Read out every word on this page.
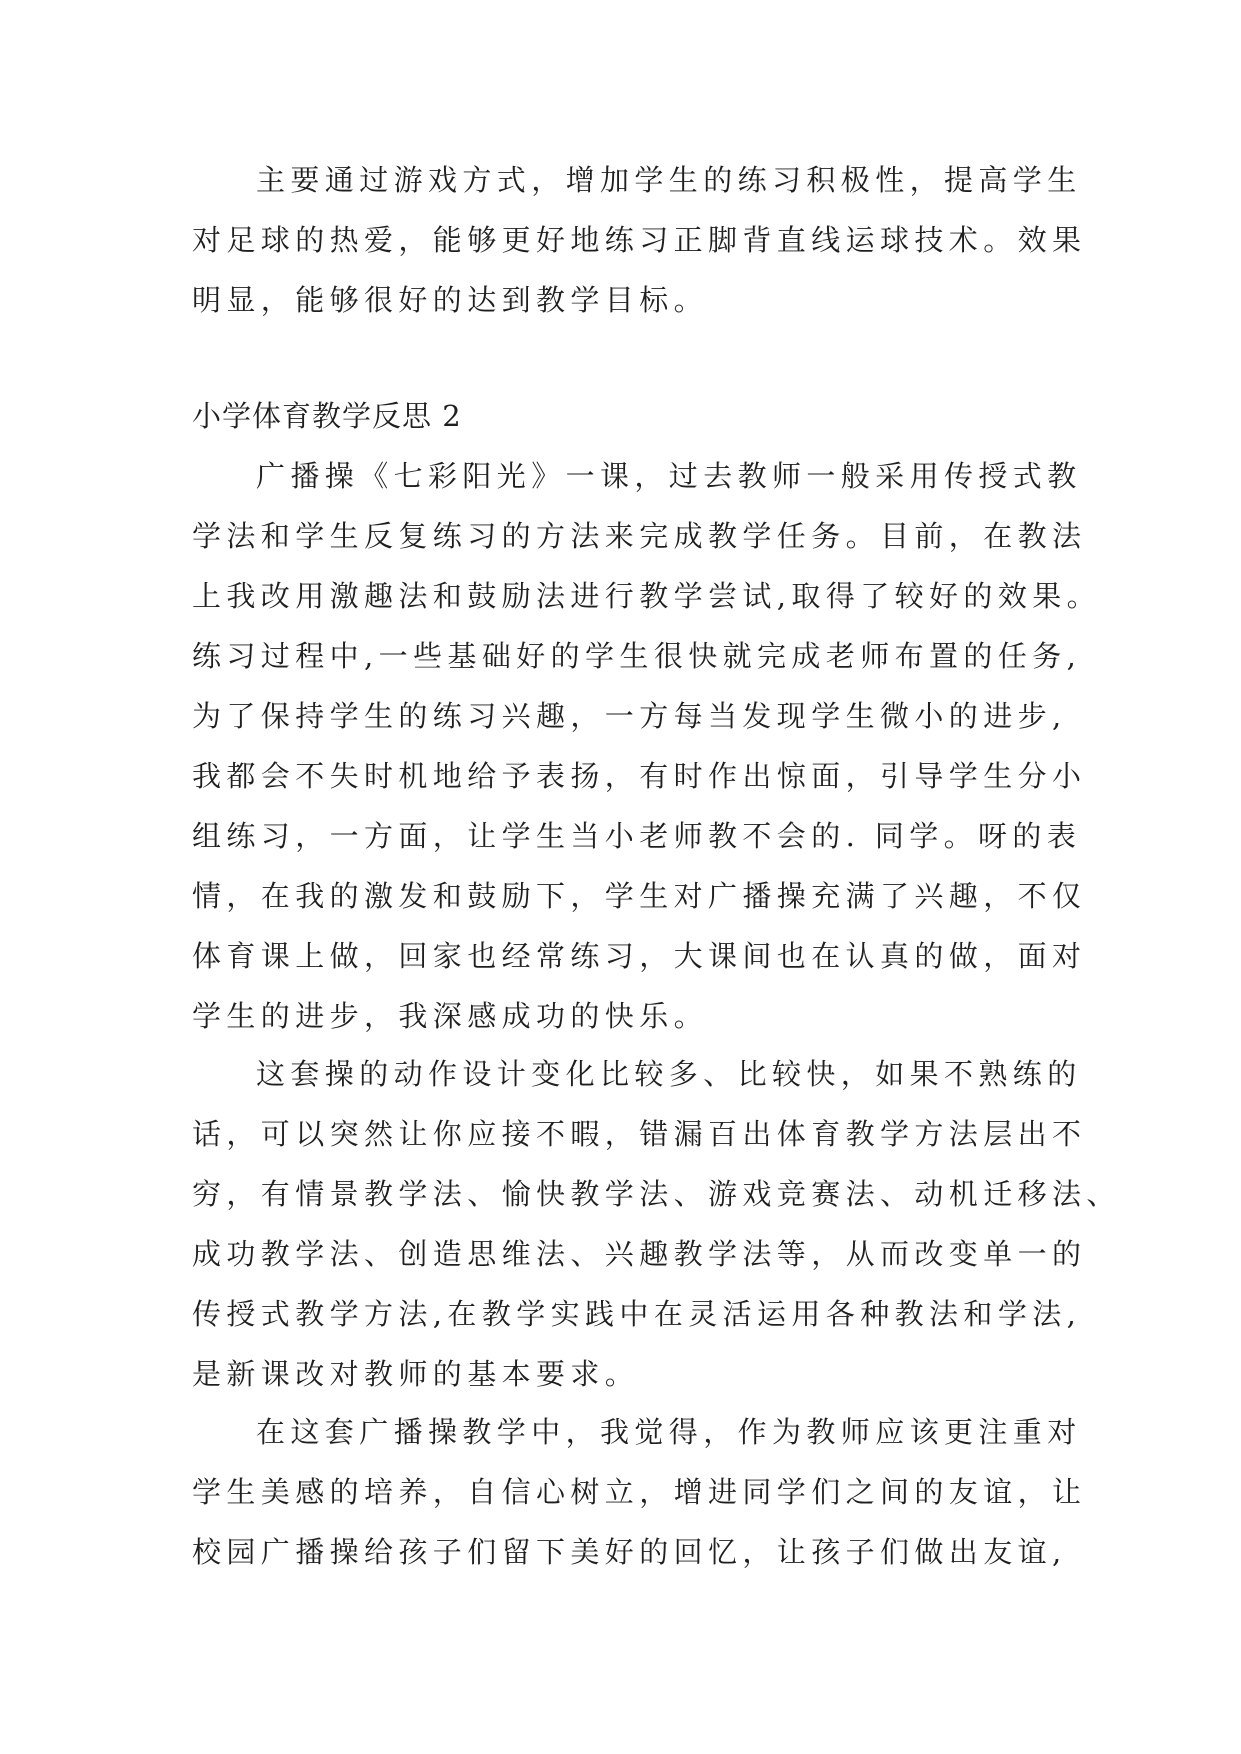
主要通过游戏方式，增加学生的练习积极性，提高学生
对足球的热爱，能够更好地练习正脚背直线运球技术。效果
明显，能够很好的达到教学目标。
小学体育教学反思 2
广播操《七彩阳光》一课，过去教师一般采用传授式教
学法和学生反复练习的方法来完成教学任务。目前，在教法
上我改用激趣法和鼓励法进行教学尝试,取得了较好的效果。
练习过程中,一些基础好的学生很快就完成老师布置的任务,
为了保持学生的练习兴趣，一方每当发现学生微小的进步,
我都会不失时机地给予表扬，有时作出惊面，引导学生分小
组练习，一方面，让学生当小老师教不会的. 同学。呀的表
情，在我的激发和鼓励下，学生对广播操充满了兴趣，不仅
体育课上做，回家也经常练习，大课间也在认真的做，面对
学生的进步，我深感成功的快乐。
这套操的动作设计变化比较多、比较快，如果不熟练的
话，可以突然让你应接不暇，错漏百出体育教学方法层出不
穷，有情景教学法、愉快教学法、游戏竞赛法、动机迁移法、
成功教学法、创造思维法、兴趣教学法等，从而改变单一的
传授式教学方法,在教学实践中在灵活运用各种教法和学法,
是新课改对教师的基本要求。
在这套广播操教学中，我觉得，作为教师应该更注重对
学生美感的培养，自信心树立，增进同学们之间的友谊，让
校园广播操给孩子们留下美好的回忆，让孩子们做出友谊,
